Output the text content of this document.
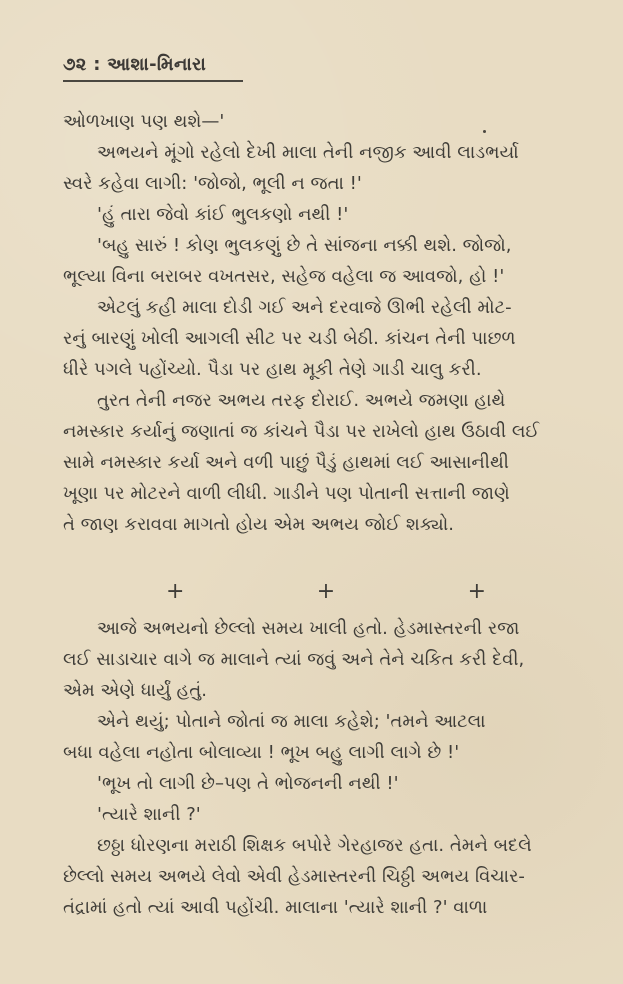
૭૨ : આશા-મિનારા
ઓળખાણ પણ થશે—'
અભયને મૂંગો રહેલો દેખી માલા તેની નજીક આવી લાડભર્યા
સ્વરે કહેવા લાગી: 'જોજો, ભૂલી ન જતા !'
'હું તારા જેવો કાંઈ ભુલકણો નથી !'
'બહુ સારું ! કોણ ભુલકણું છે તે સાંજના નક્કી થશે. જોજો,
ભૂલ્યા વિના બરાબર વખતસર, સહેજ વહેલા જ આવજો, હો !'
એટલું કહી માલા દોડી ગઈ અને દરવાજે ઊભી રહેલી મોટ-
રનું બારણું ખોલી આગલી સીટ પર ચડી બેઠી. કાંચન તેની પાછળ
ધીરે પગલે પહોંચ્યો. પૈડા પર હાથ મૂકી તેણે ગાડી ચાલુ કરી.
તુરત તેની નજર અભય તરફ દોરાઈ. અભયે જમણા હાથે
નમસ્કાર કર્યાનું જણાતાં જ કાંચને પૈડા પર રાખેલો હાથ ઉઠાવી લઈ
સામે નમસ્કાર કર્યા અને વળી પાછું પૈડું હાથમાં લઈ આસાનીથી
ખૂણા પર મોટરને વાળી લીધી. ગાડીને પણ પોતાની સત્તાની જાણે
તે જાણ કરાવવા માગતો હોય એમ અભય જોઈ શક્યો.
+	+	+
આજે અભયનો છેલ્લો સમય ખાલી હતો. હેડમાસ્તરની રજા
લઈ સાડાચાર વાગે જ માલાને ત્યાં જવું અને તેને ચકિત કરી દેવી,
એમ એણે ધાર્યું હતું.
એને થયું; પોતાને જોતાં જ માલા કહેશે; 'તમને આટલા
બધા વહેલા નહોતા બોલાવ્યા ! ભૂખ બહુ લાગી લાગે છે !'
'ભૂખ તો લાગી છે–પણ તે ભોજનની નથી !'
'ત્યારે શાની ?'
છઠ્ઠા ધોરણના મરાઠી શિક્ષક બપોરે ગેરહાજર હતા. તેમને બદલે
છેલ્લો સમય અભયે લેવો એવી હેડમાસ્તરની ચિઠ્ઠી અભય વિચાર-
તંદ્રામાં હતો ત્યાં આવી પહોંચી. માલાના 'ત્યારે શાની ?' વાળા
